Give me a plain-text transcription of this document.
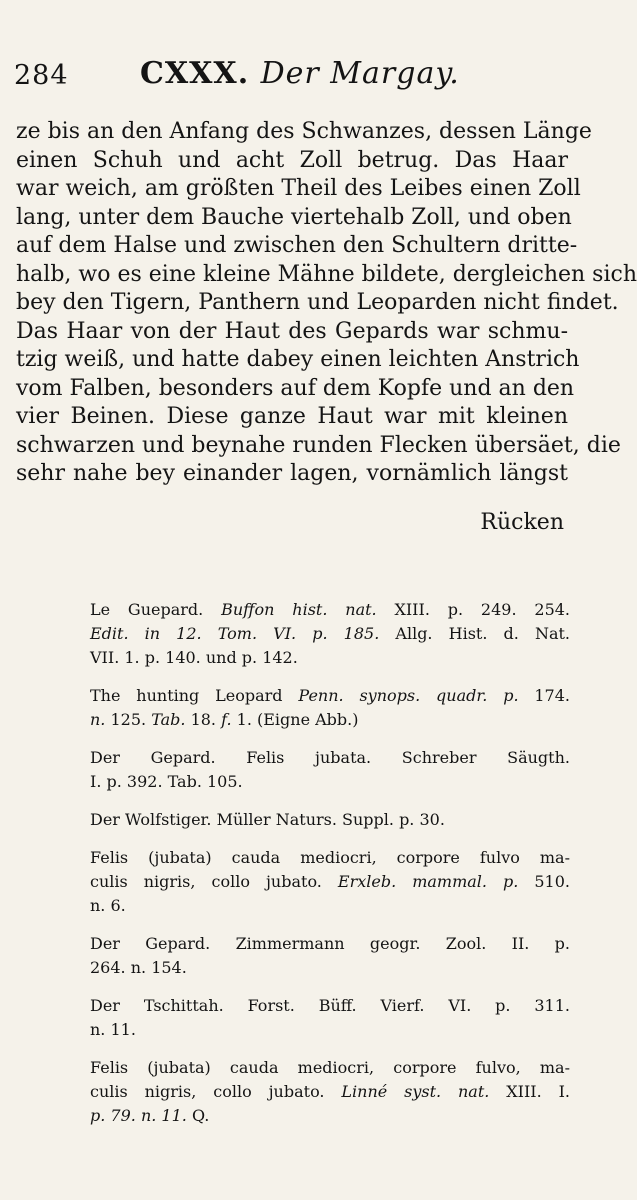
284 CXXX. Der Margay.
ze bis an den Anfang des Schwanzes, dessen Länge
einen Schuh und acht Zoll betrug. Das Haar
war weich, am größten Theil des Leibes einen Zoll
lang, unter dem Bauche viertehalb Zoll, und oben
auf dem Halse und zwischen den Schultern dritte-
halb, wo es eine kleine Mähne bildete, dergleichen sich
bey den Tigern, Panthern und Leoparden nicht findet.
Das Haar von der Haut des Gepards war schmu-
tzig weiß, und hatte dabey einen leichten Anstrich
vom Falben, besonders auf dem Kopfe und an den
vier Beinen. Diese ganze Haut war mit kleinen
schwarzen und beynahe runden Flecken übersäet, die
sehr nahe bey einander lagen, vornämlich längst
Rücken
Le Guepard. Buffon hist. nat. XIII. p. 249. 254.
Edit. in 12. Tom. VI. p. 185. Allg. Hist. d. Nat.
VII. 1. p. 140. und p. 142.
The hunting Leopard Penn. synops. quadr. p. 174.
n. 125. Tab. 18. f. 1. (Eigne Abb.)
Der Gepard. Felis jubata. Schreber Säugth.
I. p. 392. Tab. 105.
Der Wolfstiger. Müller Naturs. Suppl. p. 30.
Felis (jubata) cauda mediocri, corpore fulvo ma-
culis nigris, collo jubato. Erxleb. mammal. p. 510.
n. 6.
Der Gepard. Zimmermann geogr. Zool. II. p.
264. n. 154.
Der Tschittah. Forst. Büff. Vierf. VI. p. 311.
n. 11.
Felis (jubata) cauda mediocri, corpore fulvo, ma-
culis nigris, collo jubato. Linné syst. nat. XIII. I.
p. 79. n. 11. Q.
